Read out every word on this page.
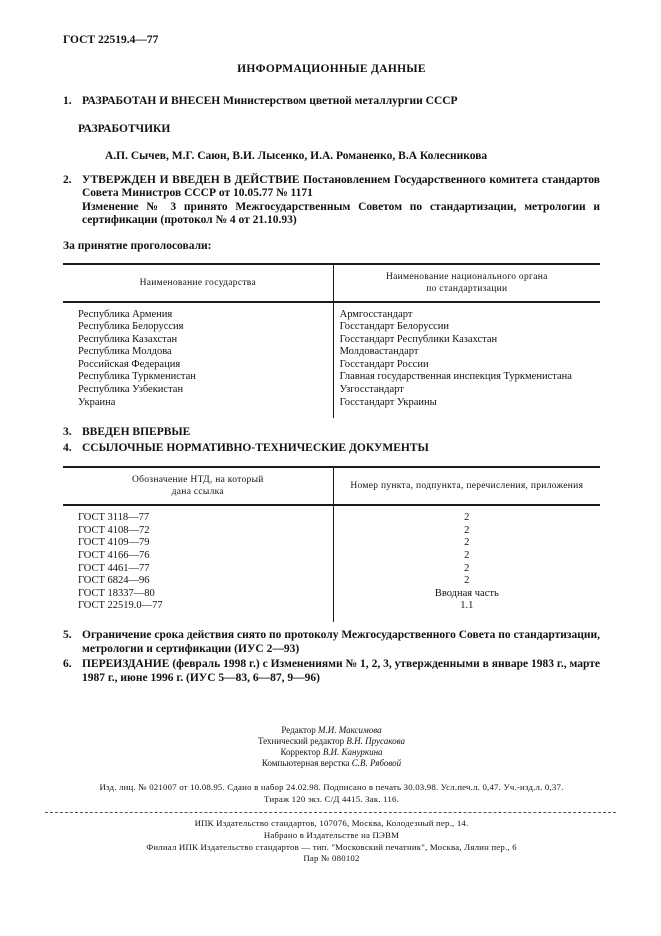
ГОСТ 22519.4—77
ИНФОРМАЦИОННЫЕ ДАННЫЕ
1. РАЗРАБОТАН И ВНЕСЕН Министерством цветной металлургии СССР

РАЗРАБОТЧИКИ
А.П. Сычев, М.Г. Саюн, В.И. Лысенко, И.А. Романенко, В.А Колесникова
2. УТВЕРЖДЕН И ВВЕДЕН В ДЕЙСТВИЕ Постановлением Государственного комитета стандартов Совета Министров СССР от 10.05.77 № 1171

Изменение № 3 принято Межгосударственным Советом по стандартизации, метрологии и сертификации (протокол № 4 от 21.10.93)

За принятие проголосовали:
Наименование государства	Наименование национального органа
по стандартизации

Республика Армения	Армгосстандарт
Республика Белоруссия	Госстандарт Белоруссии
Республика Казахстан	Госстандарт Республики Казахстан
Республика Молдова	Молдовастандарт
Российская Федерация	Госстандарт России
Республика Туркменистан	Главная государственная инспекция Туркменистана
Республика Узбекистан	Узгосстандарт
Украина	Госстандарт Украины
3. ВВЕДЕН ВПЕРВЫЕ

4. ССЫЛОЧНЫЕ НОРМАТИВНО-ТЕХНИЧЕСКИЕ ДОКУМЕНТЫ

Обозначение НТД, на который
дана ссылка	Номер пункта, подпункта, перечисления, приложения
ГОСТ 3118—77	2
ГОСТ 4108—72	2
ГОСТ 4109—79	2
ГОСТ 4166—76	2
ГОСТ 4461—77	2
ГОСТ 6824—96	2
ГОСТ 18337—80	Вводная часть
ГОСТ 22519.0—77	1.1
5. Ограничение срока действия снято по протоколу Межгосударственного Совета по стандартизации, метрологии и сертификации (ИУС 2—93)

6. ПЕРЕИЗДАНИЕ (февраль 1998 г.) с Изменениями № 1, 2, 3, утвержденными в январе 1983 г., марте 1987 г., июне 1996 г. (ИУС 5—83, 6—87, 9—96)

Редактор М.И. Максимова
Технический редактор В.Н. Прусакова
Корректор В.И. Кануркина
Компьютерная верстка С.В. Рябовой
Изд. лиц. № 021007 от 10.08.95. Сдано в набор 24.02.98. Подписано в печать 30.03.98. Усл.печ.л. 0,47. Уч.-изд.л. 0,37.
Тираж 120 экз. С/Д 4415. Зак. 116.
ИПК Издательство стандартов, 107076, Москва, Колодезный пер., 14.
Набрано в Издательстве на ПЭВМ
Филиал ИПК Издательство стандартов — тип. "Московский печатник", Москва, Лялин пер., 6
Пар № 080102
